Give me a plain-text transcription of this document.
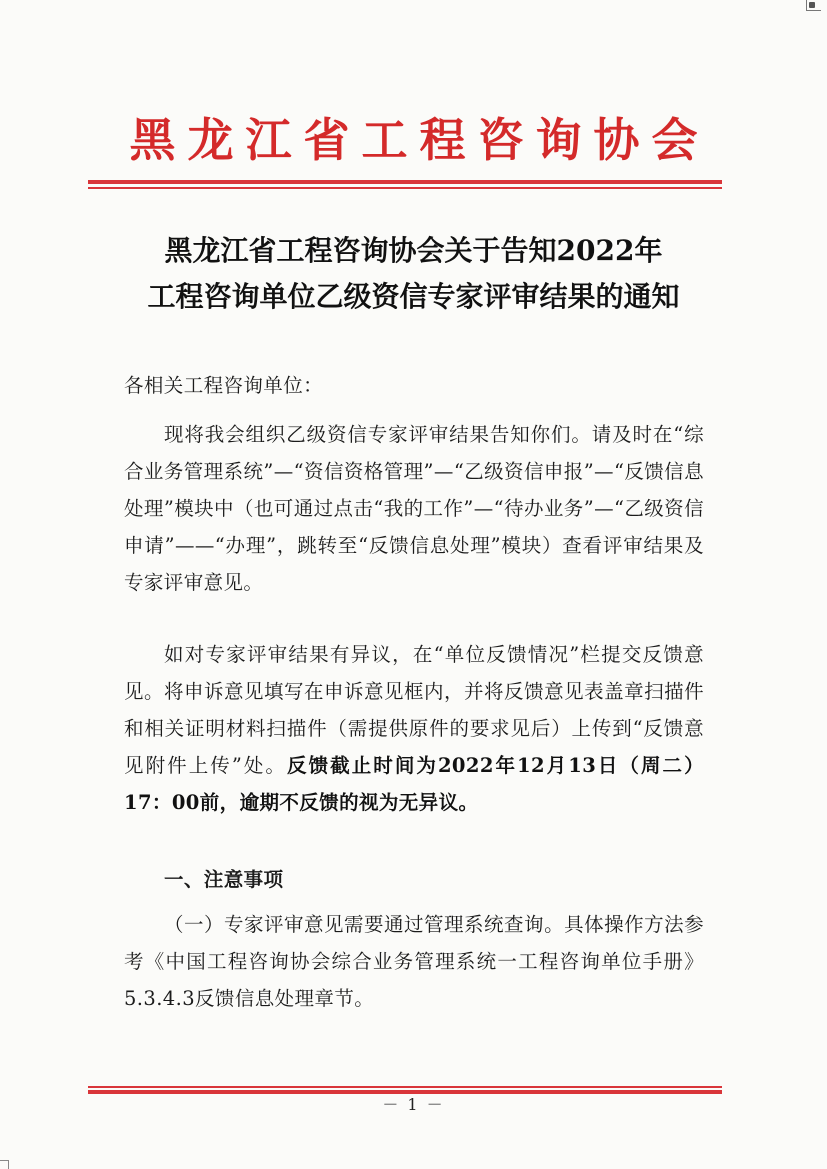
黑龙江省工程咨询协会
黑龙江省工程咨询协会关于告知2022年
工程咨询单位乙级资信专家评审结果的通知
各相关工程咨询单位：

现将我会组织乙级资信专家评审结果告知你们。请及时在“综合业务管理系统”—“资信资格管理”—“乙级资信申报”—“反馈信息处理”模块中（也可通过点击“我的工作”—“待办业务”—“乙级资信申请”——“办理”，跳转至“反馈信息处理”模块）查看评审结果及专家评审意见。

如对专家评审结果有异议，在“单位反馈情况”栏提交反馈意见。将申诉意见填写在申诉意见框内，并将反馈意见表盖章扫描件和相关证明材料扫描件（需提供原件的要求见后）上传到“反馈意见附件上传”处。反馈截止时间为2022年12月13日（周二）17：00前，逾期不反馈的视为无异议。

一、注意事项

（一）专家评审意见需要通过管理系统查询。具体操作方法参考《中国工程咨询协会综合业务管理系统一工程咨询单位手册》5.3.4.3反馈信息处理章节。

－ 1 －
